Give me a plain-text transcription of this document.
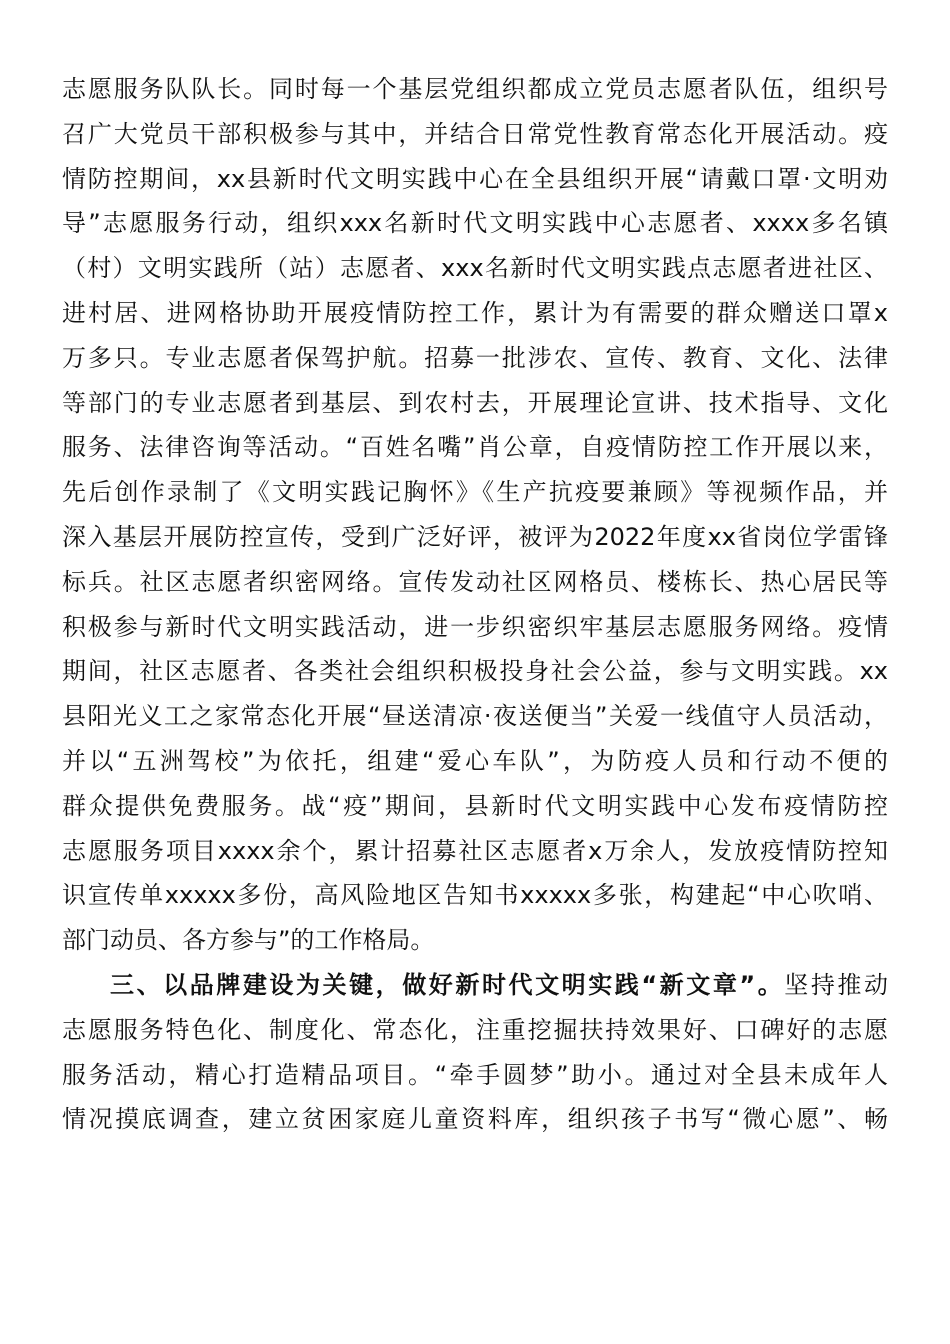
志愿服务队队长。同时每一个基层党组织都成立党员志愿者队伍，组织号
召广大党员干部积极参与其中，并结合日常党性教育常态化开展活动。疫
情防控期间，xx县新时代文明实践中心在全县组织开展“请戴口罩·文明劝
导”志愿服务行动，组织xxx名新时代文明实践中心志愿者、xxxx多名镇
（村）文明实践所（站）志愿者、xxx名新时代文明实践点志愿者进社区、
进村居、进网格协助开展疫情防控工作，累计为有需要的群众赠送口罩x
万多只。专业志愿者保驾护航。招募一批涉农、宣传、教育、文化、法律
等部门的专业志愿者到基层、到农村去，开展理论宣讲、技术指导、文化
服务、法律咨询等活动。“百姓名嘴”肖公章，自疫情防控工作开展以来，
先后创作录制了《文明实践记胸怀》《生产抗疫要兼顾》等视频作品，并
深入基层开展防控宣传，受到广泛好评，被评为2022年度xx省岗位学雷锋
标兵。社区志愿者织密网络。宣传发动社区网格员、楼栋长、热心居民等
积极参与新时代文明实践活动，进一步织密织牢基层志愿服务网络。疫情
期间，社区志愿者、各类社会组织积极投身社会公益，参与文明实践。xx
县阳光义工之家常态化开展“昼送清凉·夜送便当”关爱一线值守人员活动，
并以“五洲驾校”为依托，组建“爱心车队”，为防疫人员和行动不便的
群众提供免费服务。战“疫”期间，县新时代文明实践中心发布疫情防控
志愿服务项目xxxx余个，累计招募社区志愿者x万余人，发放疫情防控知
识宣传单xxxxx多份，高风险地区告知书xxxxx多张，构建起“中心吹哨、
部门动员、各方参与”的工作格局。
三、以品牌建设为关键，做好新时代文明实践“新文章”。坚持推动
志愿服务特色化、制度化、常态化，注重挖掘扶持效果好、口碑好的志愿
服务活动，精心打造精品项目。“牵手圆梦”助小。通过对全县未成年人
情况摸底调查，建立贫困家庭儿童资料库，组织孩子书写“微心愿”、畅
